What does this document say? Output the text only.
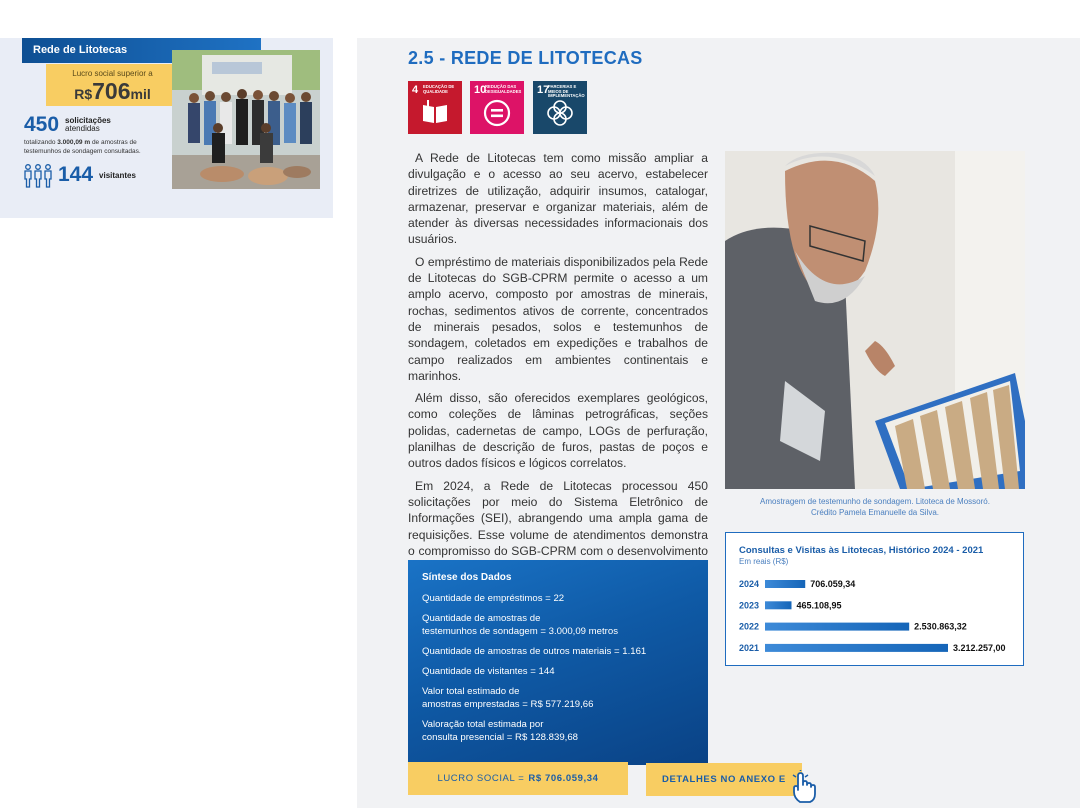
Rede de Litotecas
Lucro social superior a
R$706mil
450 solicitações
atendidas
totalizando 3.000,09 m de amostras de testemunhos de sondagem consultadas.
144 visitantes
2.5 - REDE DE LITOTECAS
4 EDUCAÇÃO DE QUALIDADE	10
REDUÇÃO DAS DESIGUALDADES 17
PARCERIAS E MEIOS DE IMPLEMENTAÇÃO

A Rede de Litotecas tem como missão ampliar a divulgação e o acesso ao seu acervo, estabelecer diretrizes de utilização, adquirir insumos, catalogar, armazenar, preservar e organizar materiais, além de atender às diversas necessidades informacionais dos usuários.

O empréstimo de materiais disponibilizados pela Rede de Litotecas do SGB-CPRM permite o acesso a um amplo acervo, composto por amostras de minerais, rochas, sedimentos ativos de corrente, concentrados de minerais pesados, solos e testemunhos de sondagem, coletados em expedições e trabalhos de campo realizados em ambientes continentais e marinhos.

Além disso, são oferecidos exemplares geológicos, como coleções de lâminas petrográficas, seções polidas, cadernetas de campo, LOGs de perfuração, planilhas de descrição de furos, pastas de poços e outros dados físicos e lógicos correlatos.

Em 2024, a Rede de Litotecas processou 450 solicitações por meio do Sistema Eletrônico de Informações (SEI), abrangendo uma ampla gama de requisições. Esse volume de atendimentos demonstra o compromisso do SGB-CPRM com o desenvolvimento

Amostragem de testemunho de sondagem. Litoteca de Mossoró.
Crédito Pamela Emanuelle da Silva.
Consultas e Visitas às Litotecas, Histórico 2024 - 2021
Em reais (R$)
2024	706.059,34
2023	465.108,95
2022	2.530.863,32
2021	3.212.257,00
Síntese dos Dados
Quantidade de empréstimos = 22
Quantidade de amostras de
testemunhos de sondagem = 3.000,09 metros
Quantidade de amostras de outros materiais = 1.161
Quantidade de visitantes = 144
Valor total estimado de
amostras emprestadas = R$ 577.219,66
Valoração total estimada por
consulta presencial = R$ 128.839,68
LUCRO SOCIAL = R$ 706.059,34	DETALHES NO ANEXO E
